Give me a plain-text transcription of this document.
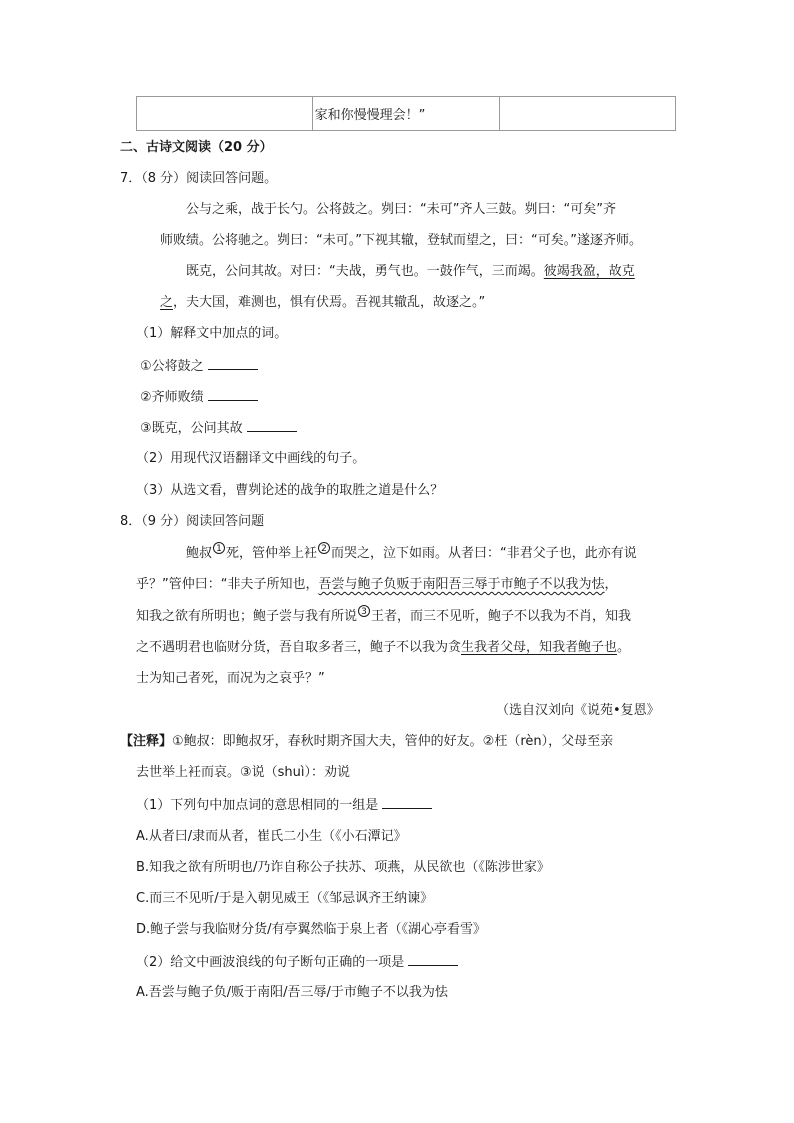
	家和你慢慢理会！”	
二、古诗文阅读（20 分）
7．（8 分）阅读回答问题。
公与之乘，战于长勺。公将鼓之。刿曰：“未可”齐人三鼓。刿曰：“可矣”齐
师败绩。公将驰之。刿曰：“未可。”下视其辙，登轼而望之，曰：“可矣。”遂逐齐师。
既克，公问其故。对曰：“夫战，勇气也。一鼓作气，三而竭。彼竭我盈，故克
之，夫大国，难测也，惧有伏焉。吾视其辙乱，故逐之。”
（1）解释文中加点的词。
①公将鼓之
②齐师败绩
③既克，公问其故
（2）用现代汉语翻译文中画线的句子。
（3）从选文看，曹刿论述的战争的取胜之道是什么？
8．（9 分）阅读回答问题
鲍叔 1 死，管仲举上衽 2 而哭之，泣下如雨。从者曰：“非君父子也，此亦有说
乎？”管仲曰：“非夫子所知也，吾尝与鲍子负贩于南阳吾三辱于市鲍子不以我为怯，
知我之欲有所明也；鲍子尝与我有所说 3 王者，而三不见听，鲍子不以我为不肖，知我
之不遇明君也临财分货，吾自取多者三，鲍子不以我为贪生我者父母，知我者鲍子也。
士为知己者死，而况为之哀乎？”
（选自汉刘向《说苑•复恩》
【注释】①鲍叔：即鲍叔牙，春秋时期齐国大夫，管仲的好友。②枉（rèn），父母至亲
去世举上衽而哀。③说（shuì）：劝说
（1）下列句中加点词的意思相同的一组是
A.从者曰/隶而从者，崔氏二小生（《小石潭记》
B.知我之欲有所明也/乃诈自称公子扶苏、项燕，从民欲也（《陈涉世家》
C.而三不见听/于是入朝见威王（《邹忌讽齐王纳谏》
D.鲍子尝与我临财分货/有亭翼然临于泉上者（《湖心亭看雪》
（2）给文中画波浪线的句子断句正确的一项是
A.吾尝与鲍子负/贩于南阳/吾三辱/于市鲍子不以我为怯
